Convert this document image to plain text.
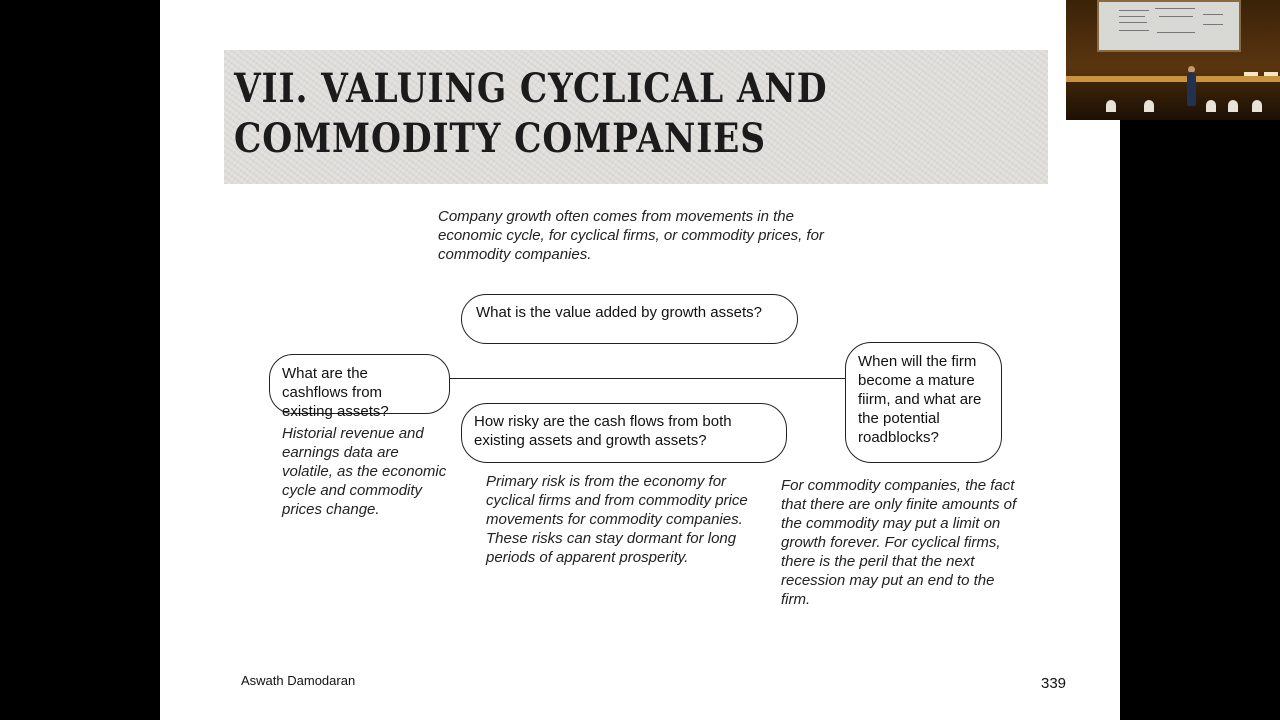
VII. VALUING CYCLICAL AND COMMODITY COMPANIES
Company growth often comes from movements in the economic cycle, for cyclical firms, or commodity prices, for commodity companies.
What is the value added by growth assets?
What are the cashflows from existing assets?
How risky are the cash flows from both existing assets and growth assets?
When will the firm become a mature fiirm, and what are the potential roadblocks?
Historial revenue and earnings data are volatile, as the economic cycle and commodity prices change.
Primary risk is from the economy for cyclical firms and from commodity price movements for commodity companies. These risks can stay dormant for long periods of apparent prosperity.
For commodity companies, the fact that there are only finite amounts of the commodity may put a limit on growth forever. For cyclical firms, there is the peril that the next recession may put an end to the firm.
Aswath Damodaran	339
